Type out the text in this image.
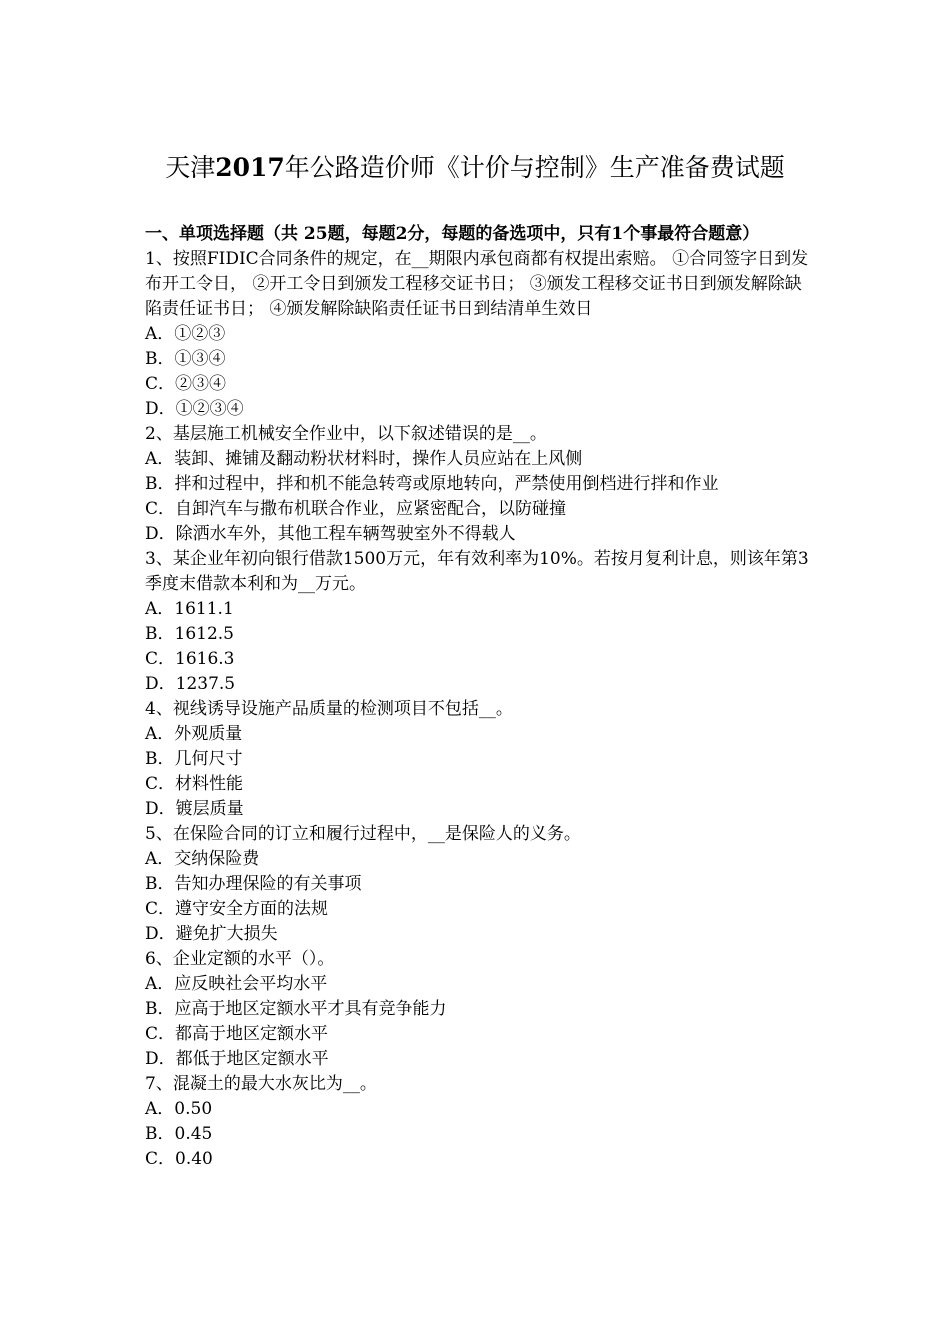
天津2017年公路造价师《计价与控制》生产准备费试题

一、单项选择题（共 25题，每题2分，每题的备选项中，只有1个事最符合题意）

1、按照FIDIC合同条件的规定，在__期限内承包商都有权提出索赔。 ①合同签字日到发布开工令日， ②开工令日到颁发工程移交证书日； ③颁发工程移交证书日到颁发解除缺陷责任证书日； ④颁发解除缺陷责任证书日到结清单生效日

A．①②③

B．①③④

C．②③④

D．①②③④

2、基层施工机械安全作业中，以下叙述错误的是__。

A．装卸、摊铺及翻动粉状材料时，操作人员应站在上风侧

B．拌和过程中，拌和机不能急转弯或原地转向，严禁使用倒档进行拌和作业

C．自卸汽车与撒布机联合作业，应紧密配合，以防碰撞

D．除洒水车外，其他工程车辆驾驶室外不得载人

3、某企业年初向银行借款1500万元，年有效利率为10%。若按月复利计息，则该年第3季度末借款本利和为__万元。

A．1611.1

B．1612.5

C．1616.3

D．1237.5

4、视线诱导设施产品质量的检测项目不包括__。

A．外观质量

B．几何尺寸

C．材料性能

D．镀层质量

5、在保险合同的订立和履行过程中，__是保险人的义务。

A．交纳保险费

B．告知办理保险的有关事项

C．遵守安全方面的法规

D．避免扩大损失

6、企业定额的水平（）。

A．应反映社会平均水平

B．应高于地区定额水平才具有竞争能力

C．都高于地区定额水平

D．都低于地区定额水平

7、混凝土的最大水灰比为__。

A．0.50

B．0.45

C．0.40
